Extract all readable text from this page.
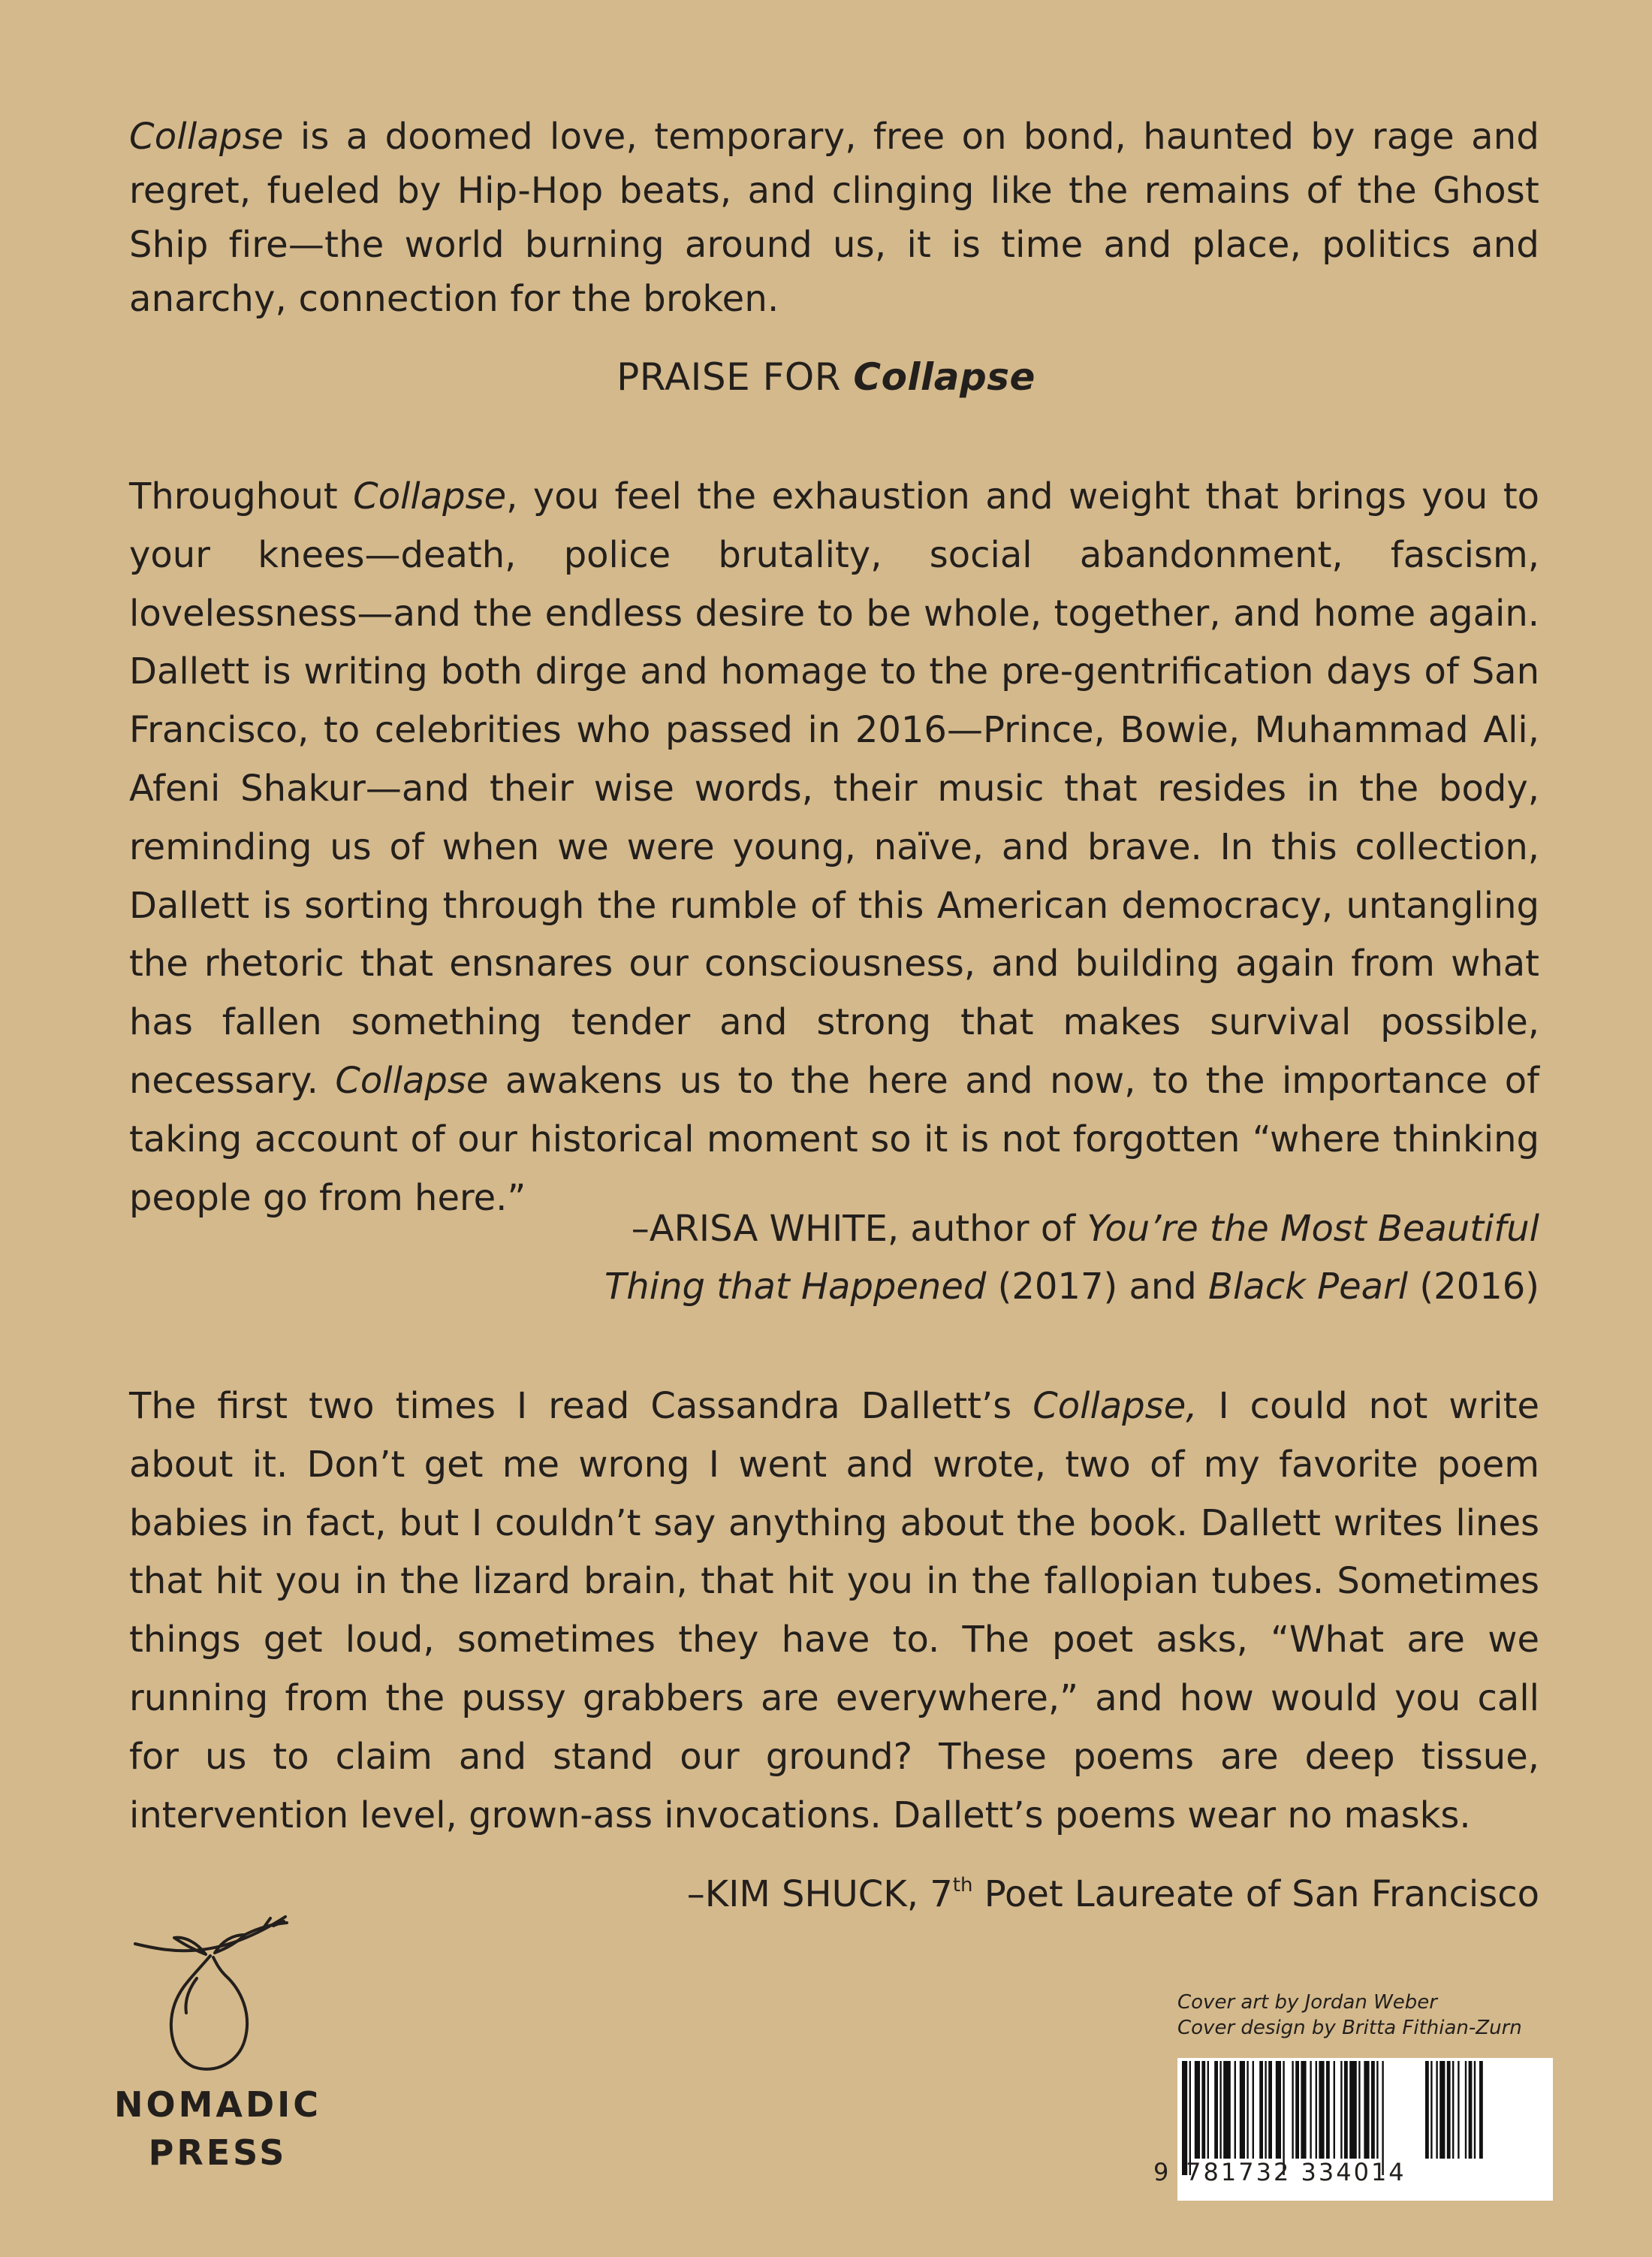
Collapse is a doomed love, temporary, free on bond, haunted by rage and regret, fueled by Hip-Hop beats, and clinging like the remains of the Ghost Ship fire—the world burning around us, it is time and place, politics and anarchy, connection for the broken.

PRAISE FOR Collapse

Throughout Collapse, you feel the exhaustion and weight that brings you to your knees—death, police brutality, social abandonment, fascism, lovelessness—and the endless desire to be whole, together, and home again. Dallett is writing both dirge and homage to the pre-gentrification days of San Francisco, to celebrities who passed in 2016—Prince, Bowie, Muhammad Ali, Afeni Shakur—and their wise words, their music that resides in the body, reminding us of when we were young, naïve, and brave. In this collection, Dallett is sorting through the rumble of this American democracy, untangling the rhetoric that ensnares our consciousness, and building again from what has fallen something tender and strong that makes survival possible, necessary. Collapse awakens us to the here and now, to the importance of taking account of our historical moment so it is not forgotten “where thinking people go from here.”

–ARISA WHITE, author of You’re the Most Beautiful Thing that Happened (2017) and Black Pearl (2016)

The first two times I read Cassandra Dallett’s Collapse, I could not write about it. Don’t get me wrong I went and wrote, two of my favorite poem babies in fact, but I couldn’t say anything about the book. Dallett writes lines that hit you in the lizard brain, that hit you in the fallopian tubes. Sometimes things get loud, sometimes they have to. The poet asks, “What are we running from the pussy grabbers are everywhere,” and how would you call for us to claim and stand our ground? These poems are deep tissue, intervention level, grown-ass invocations. Dallett’s poems wear no masks.

–KIM SHUCK, 7th Poet Laureate of San Francisco
NOMADIC
PRESS
Cover art by Jordan Weber
Cover design by Britta Fithian-Zurn
9 781732 334014
